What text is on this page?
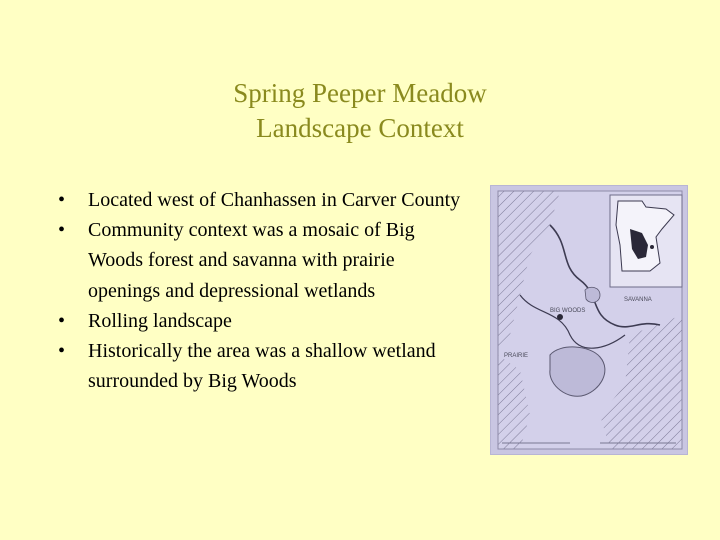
Spring Peeper Meadow
Landscape Context
•	Located west of Chanhassen in Carver County
•	Community context was a mosaic of Big Woods forest and savanna with prairie openings and depressional wetlands
•	Rolling landscape
•	Historically the area was a shallow wetland surrounded by Big Woods
BIG WOODS
SAVANNA
PRAIRIE
